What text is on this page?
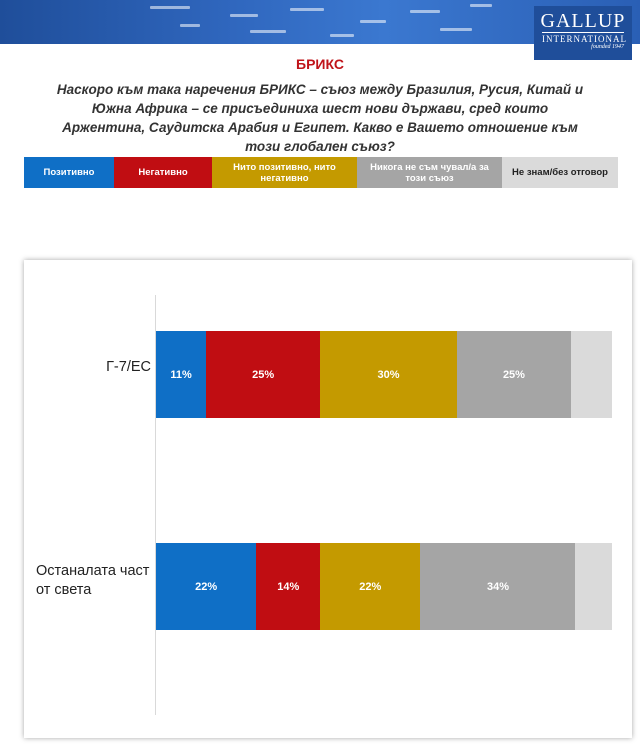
GALLUP
INTERNATIONAL
founded 1947
БРИКС
Наскоро към така наречения БРИКС – съюз между Бразилия, Русия, Китай и Южна Африка – се присъединиха шест нови държави, сред които Аржентина, Саудитска Арабия и Египет. Какво е Вашето отношение към този глобален съюз?
Позитивно	Негативно	Нито позитивно, нито негативно
Никога не съм чувал/а за този съюз	Не знам/без отговор
Г-7/ЕС 11%	25%	30%	25%
Останалата част от света	22%	14%	22%	34%
